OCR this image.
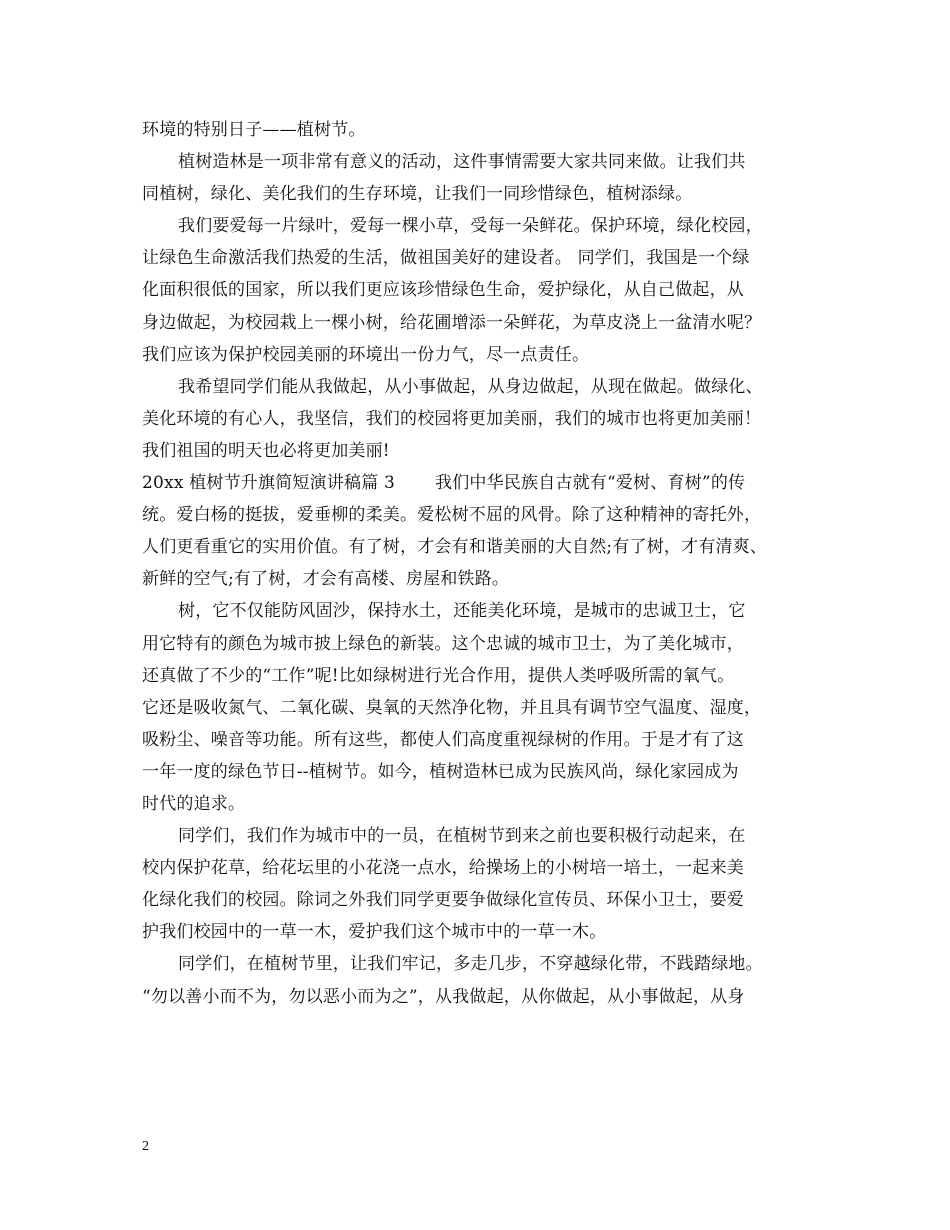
环境的特别日子——植树节。
植树造林是一项非常有意义的活动，这件事情需要大家共同来做。让我们共
同植树，绿化、美化我们的生存环境，让我们一同珍惜绿色，植树添绿。
我们要爱每一片绿叶，爱每一棵小草，受每一朵鲜花。保护环境，绿化校园，
让绿色生命激活我们热爱的生活，做祖国美好的建设者。 同学们，我国是一个绿
化面积很低的国家，所以我们更应该珍惜绿色生命，爱护绿化，从自己做起，从
身边做起，为校园栽上一棵小树，给花圃增添一朵鲜花，为草皮浇上一盆清水呢？
我们应该为保护校园美丽的环境出一份力气，尽一点责任。
我希望同学们能从我做起，从小事做起，从身边做起，从现在做起。做绿化、
美化环境的有心人，我坚信，我们的校园将更加美丽，我们的城市也将更加美丽！
我们祖国的明天也必将更加美丽!
20xx 植树节升旗简短演讲稿篇 3　　 我们中华民族自古就有“爱树、育树”的传
统。爱白杨的挺拔，爱垂柳的柔美。爱松树不屈的风骨。除了这种精神的寄托外，
人们更看重它的实用价值。有了树，才会有和谐美丽的大自然;有了树，才有清爽、
新鲜的空气;有了树，才会有高楼、房屋和铁路。
树，它不仅能防风固沙，保持水土，还能美化环境，是城市的忠诚卫士，它
用它特有的颜色为城市披上绿色的新装。这个忠诚的城市卫士，为了美化城市，
还真做了不少的“工作”呢!比如绿树进行光合作用，提供人类呼吸所需的氧气。
它还是吸收氮气、二氧化碳、臭氧的天然净化物，并且具有调节空气温度、湿度，
吸粉尘、噪音等功能。所有这些，都使人们高度重视绿树的作用。于是才有了这
一年一度的绿色节日--植树节。如今，植树造林已成为民族风尚，绿化家园成为
时代的追求。
同学们，我们作为城市中的一员，在植树节到来之前也要积极行动起来，在
校内保护花草，给花坛里的小花浇一点水，给操场上的小树培一培土，一起来美
化绿化我们的校园。除词之外我们同学更要争做绿化宣传员、环保小卫士，要爱
护我们校园中的一草一木，爱护我们这个城市中的一草一木。
同学们，在植树节里，让我们牢记，多走几步，不穿越绿化带，不践踏绿地。
“勿以善小而不为，勿以恶小而为之”，从我做起，从你做起，从小事做起，从身
2
